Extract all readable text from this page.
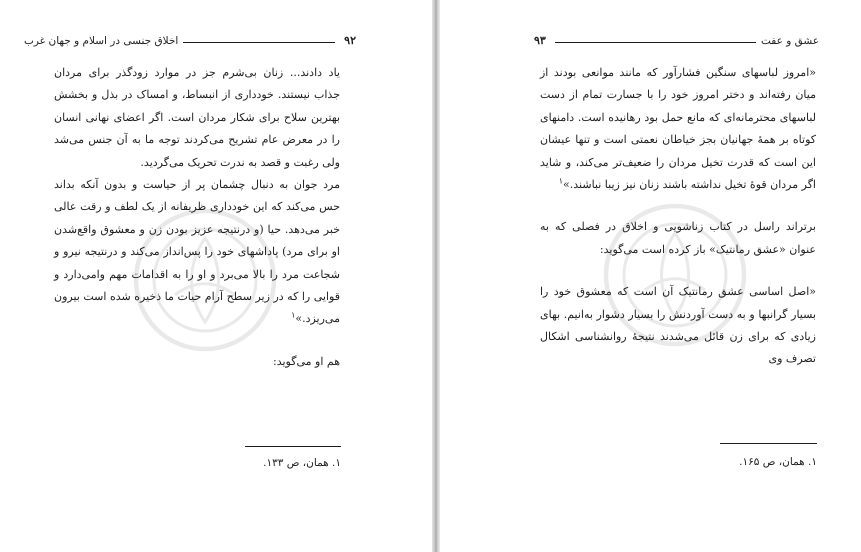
۹۲
اخلاق جنسی در اسلام و جهان غرب

یاد دادند... زنان بی‌شرم جز در موارد زودگذر برای مردان جذاب نیستند. خودداری از انبساط، و امساک در بذل و بخشش بهترین سلاح برای شکار مردان است. اگر اعضای نهانی انسان را در معرض عام تشریح می‌کردند توجه ما به آن جنس می‌شد ولی رغبت و قصد به ندرت تحریک می‌گردید.

مرد جوان به دنبال چشمان پر از حیاست و بدون آنکه بداند حس می‌کند که این خودداری ظریفانه از یک لطف و رقت عالی خبر می‌دهد. حیا (و درنتیجه عزیز بودن زن و معشوق واقع‌شدن او برای مرد) پاداشهای خود را پس‌انداز می‌کند و درنتیجه نیرو و شجاعت مرد را بالا می‌برد و او را به اقدامات مهم وامی‌دارد و قوایی را که در زیر سطح آرام حیات ما ذخیره شده است بیرون می‌ریزد.»$^۱$

هم او می‌گوید:

۱. همان، ص ۱۳۳.
عشق و عفت
۹۳

«امروز لباسهای سنگین فشارآور که مانند موانعی بودند از میان رفته‌اند و دختر امروز خود را با جسارت تمام از دست لباسهای محترمانه‌ای که مانع حمل بود رهانیده است. دامنهای کوتاه بر همهٔ جهانیان بجز خیاطان نعمتی است و تنها عیشان این است که قدرت تخیل مردان را ضعیف‌تر می‌کند، و شاید اگر مردان قوهٔ تخیل نداشته باشند زنان نیز زیبا نباشند.»$^۱$

برتراند راسل در کتاب زناشویی و اخلاق در فصلی که به عنوان «عشق رمانتیک» باز کرده است می‌گوید:

«اصل اساسی عشق رمانتیک آن است که معشوق خود را بسیار گرانبها و به دست آوردنش را بسیار دشوار به‌انیم. بهای زیادی که برای زن قائل می‌شدند نتیجهٔ روانشناسی اشکال تصرف وی

۱. همان، ص ۱۶۵.
